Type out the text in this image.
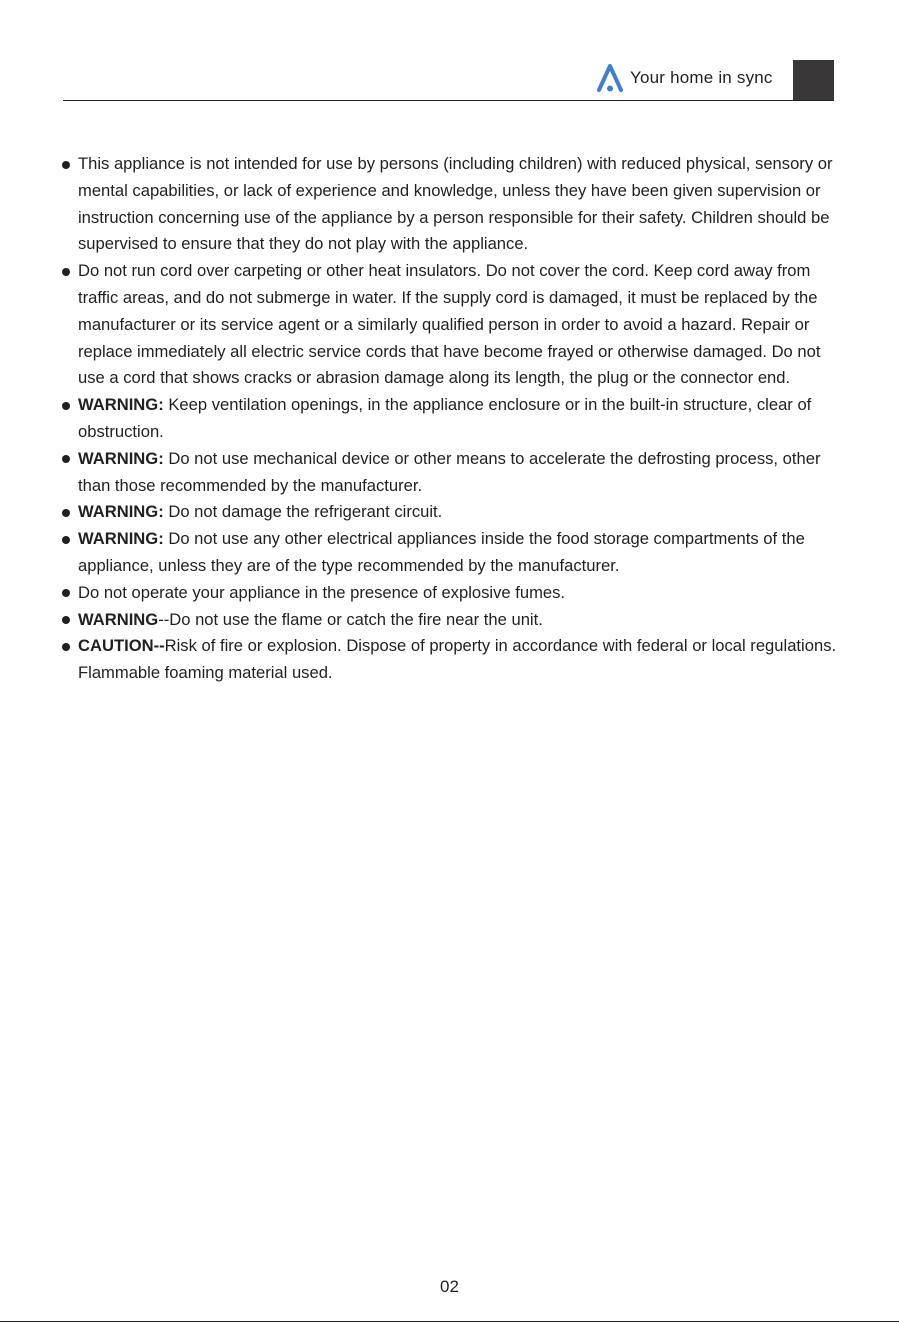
Your home in sync

This appliance is not intended for use by persons (including children) with reduced physical, sensory or mental capabilities, or lack of experience and knowledge, unless they have been given supervision or instruction concerning use of the appliance by a person responsible for their safety. Children should be supervised to ensure that they do not play with the appliance.

Do not run cord over carpeting or other heat insulators. Do not cover the cord. Keep cord away from traffic areas, and do not submerge in water. If the supply cord is damaged, it must be replaced by the manufacturer or its service agent or a similarly qualified person in order to avoid a hazard. Repair or replace immediately all electric service cords that have become frayed or otherwise damaged. Do not use a cord that shows cracks or abrasion damage along its length, the plug or the connector end.

WARNING: Keep ventilation openings, in the appliance enclosure or in the built-in structure, clear of obstruction.

WARNING: Do not use mechanical device or other means to accelerate the defrosting process, other than those recommended by the manufacturer.

WARNING: Do not damage the refrigerant circuit.

WARNING: Do not use any other electrical appliances inside the food storage compartments of the appliance, unless they are of the type recommended by the manufacturer.

Do not operate your appliance in the presence of explosive fumes.

WARNING--Do not use the flame or catch the fire near the unit.

CAUTION--Risk of fire or explosion. Dispose of property in accordance with federal or local regulations. Flammable foaming material used.

02
